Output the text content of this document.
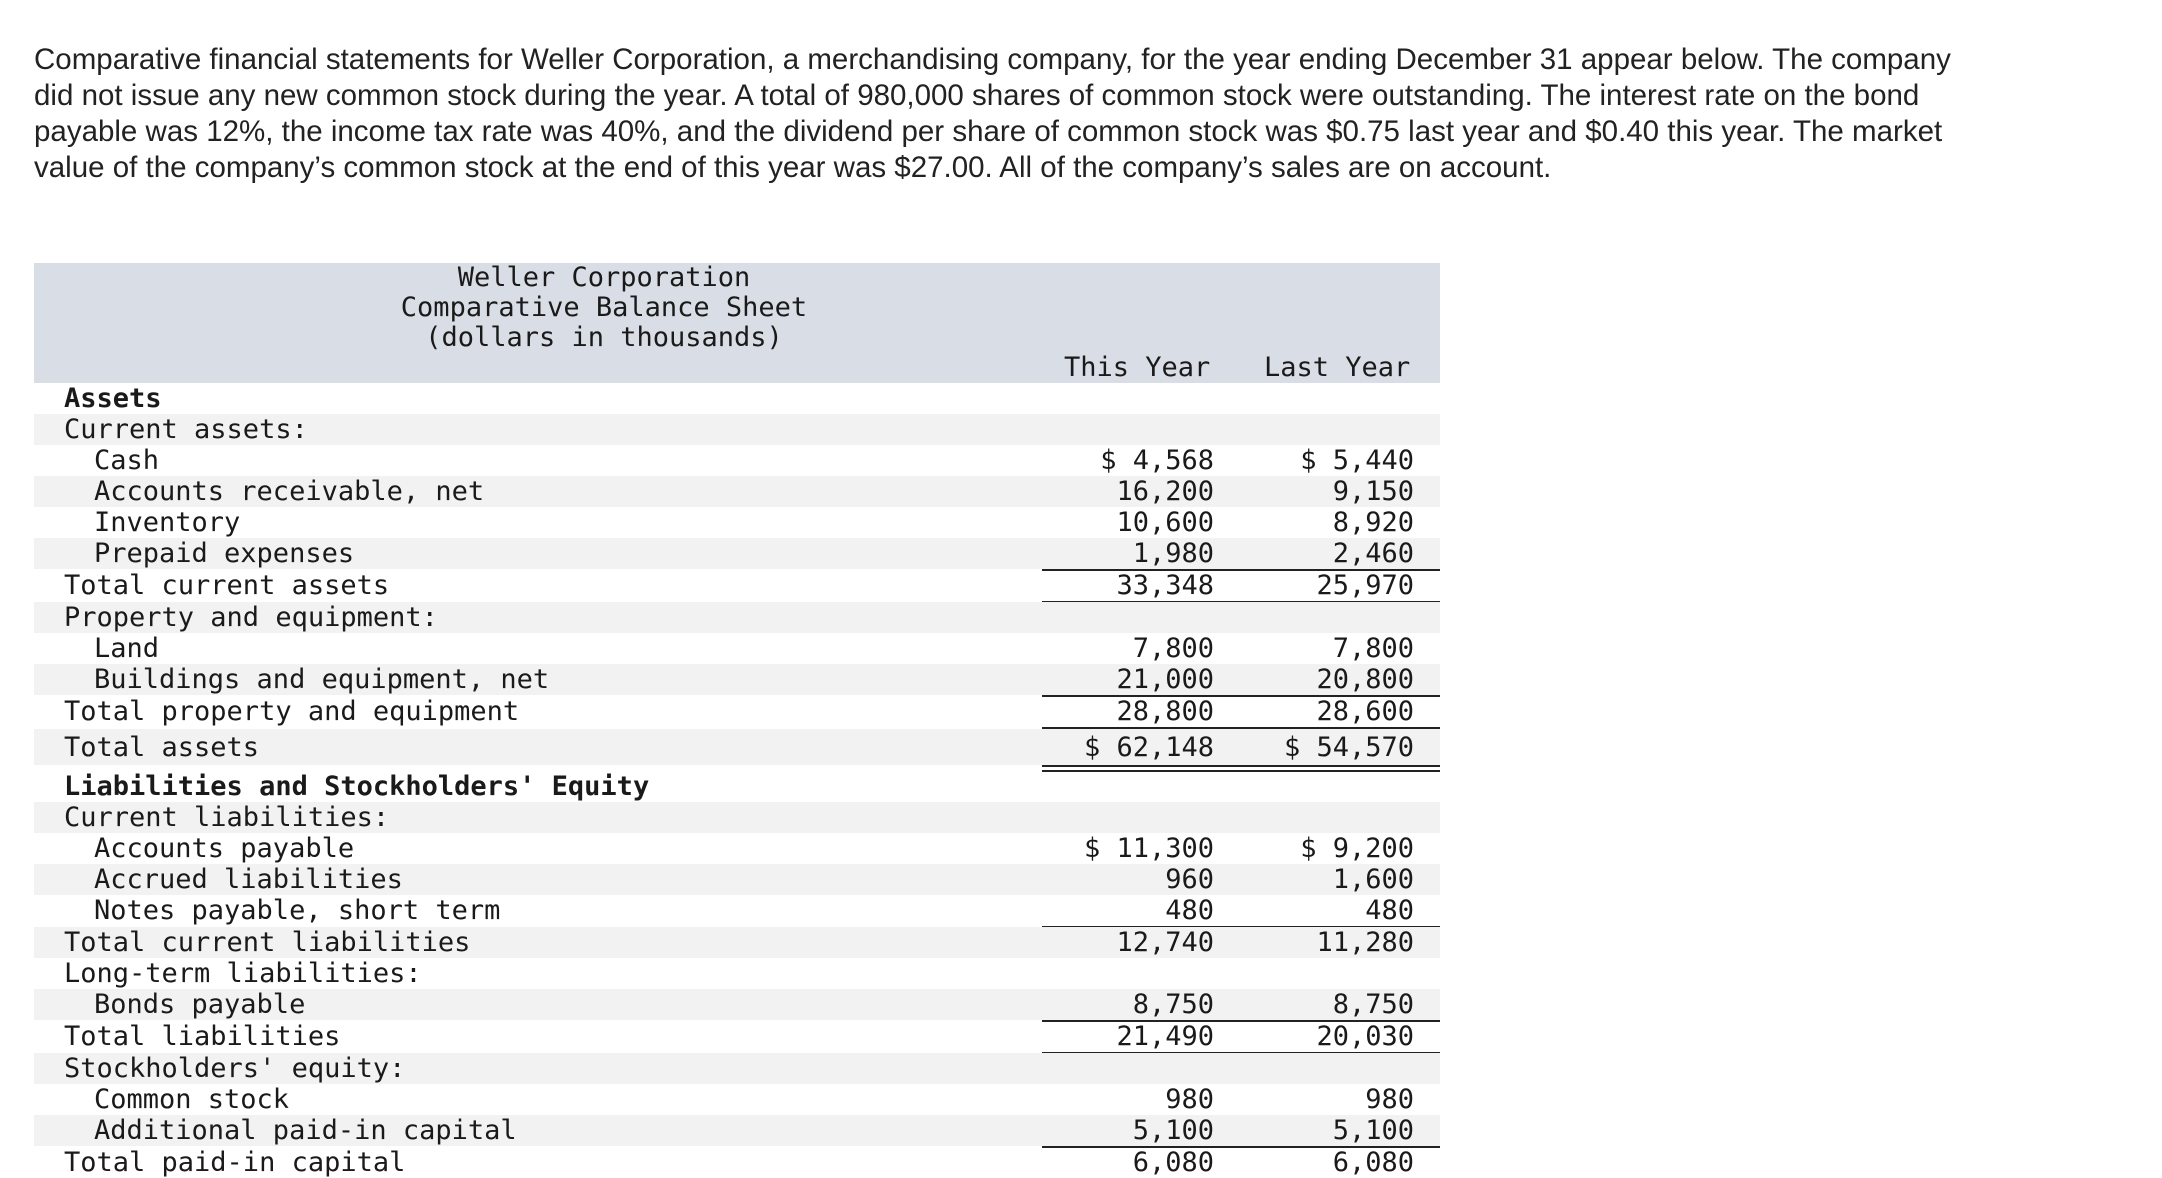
Comparative financial statements for Weller Corporation, a merchandising company, for the year ending December 31 appear below. The company did not issue any new common stock during the year. A total of 980,000 shares of common stock were outstanding. The interest rate on the bond payable was 12%, the income tax rate was 40%, and the dividend per share of common stock was $0.75 last year and $0.40 this year. The market value of the company’s common stock at the end of this year was $27.00. All of the company’s sales are on account.

Weller Corporation
Comparative Balance Sheet
(dollars in thousands)
This Year Last Year
Assets
Current assets:
Cash	$ 4,568	$ 5,440
Accounts receivable, net	16,200	9,150
Inventory	10,600	8,920
Prepaid expenses	1,980	2,460
Total current assets	33,348	25,970
Property and equipment:
Land	7,800	7,800
Buildings and equipment, net	21,000	20,800
Total property and equipment	28,800	28,600
Total assets	$ 62,148	$ 54,570
Liabilities and Stockholders' Equity
Current liabilities:
Accounts payable	$ 11,300	$ 9,200
Accrued liabilities	960	1,600
Notes payable, short term	480	480
Total current liabilities	12,740	11,280
Long-term liabilities:
Bonds payable	8,750	8,750
Total liabilities	21,490	20,030
Stockholders' equity:
Common stock	980	980
Additional paid-in capital	5,100	5,100
Total paid-in capital	6,080	6,080
